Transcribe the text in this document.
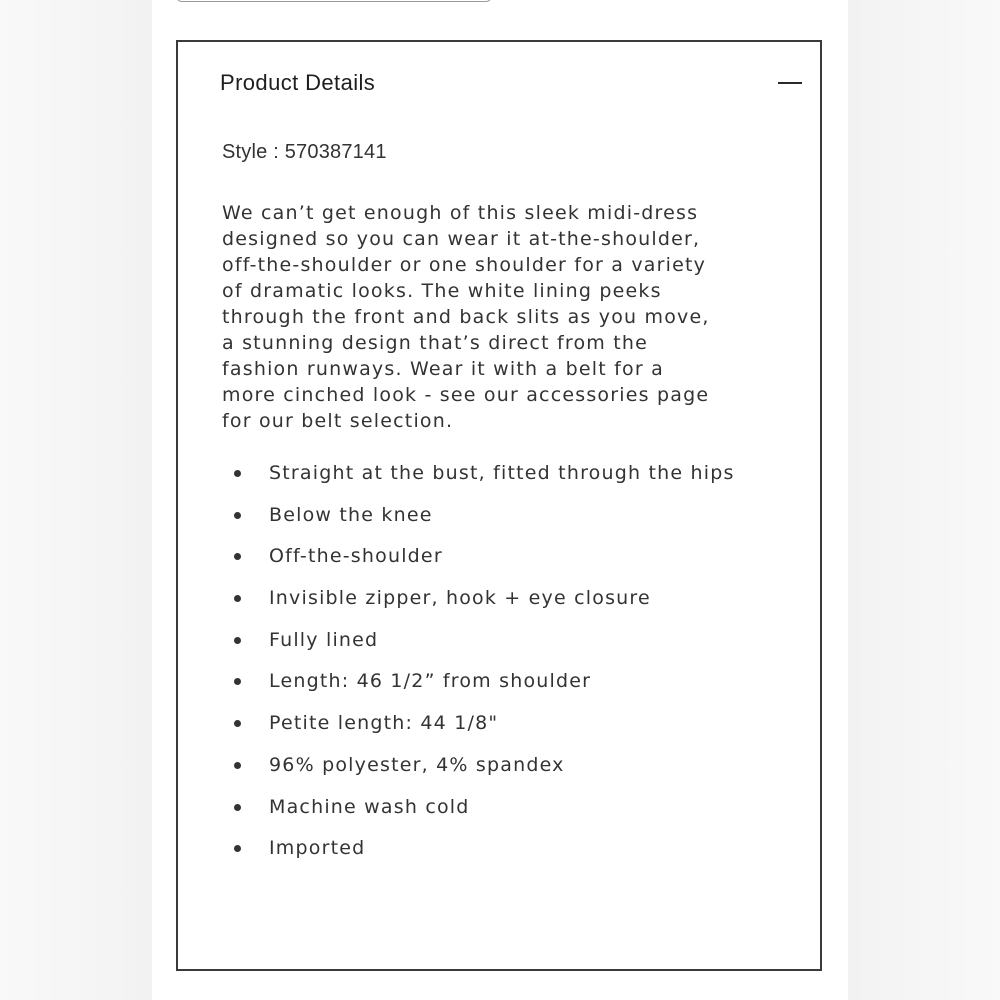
Product Details
Style : 570387141

We can’t get enough of this sleek midi-dress
designed so you can wear it at-the-shoulder,
off-the-shoulder or one shoulder for a variety
of dramatic looks. The white lining peeks
through the front and back slits as you move,
a stunning design that’s direct from the
fashion runways. Wear it with a belt for a
more cinched look - see our accessories page
for our belt selection.

Straight at the bust, fitted through the hips
Below the knee
Off-the-shoulder
Invisible zipper, hook + eye closure
Fully lined
Length: 46 1/2” from shoulder
Petite length: 44 1/8"
96% polyester, 4% spandex
Machine wash cold
Imported
